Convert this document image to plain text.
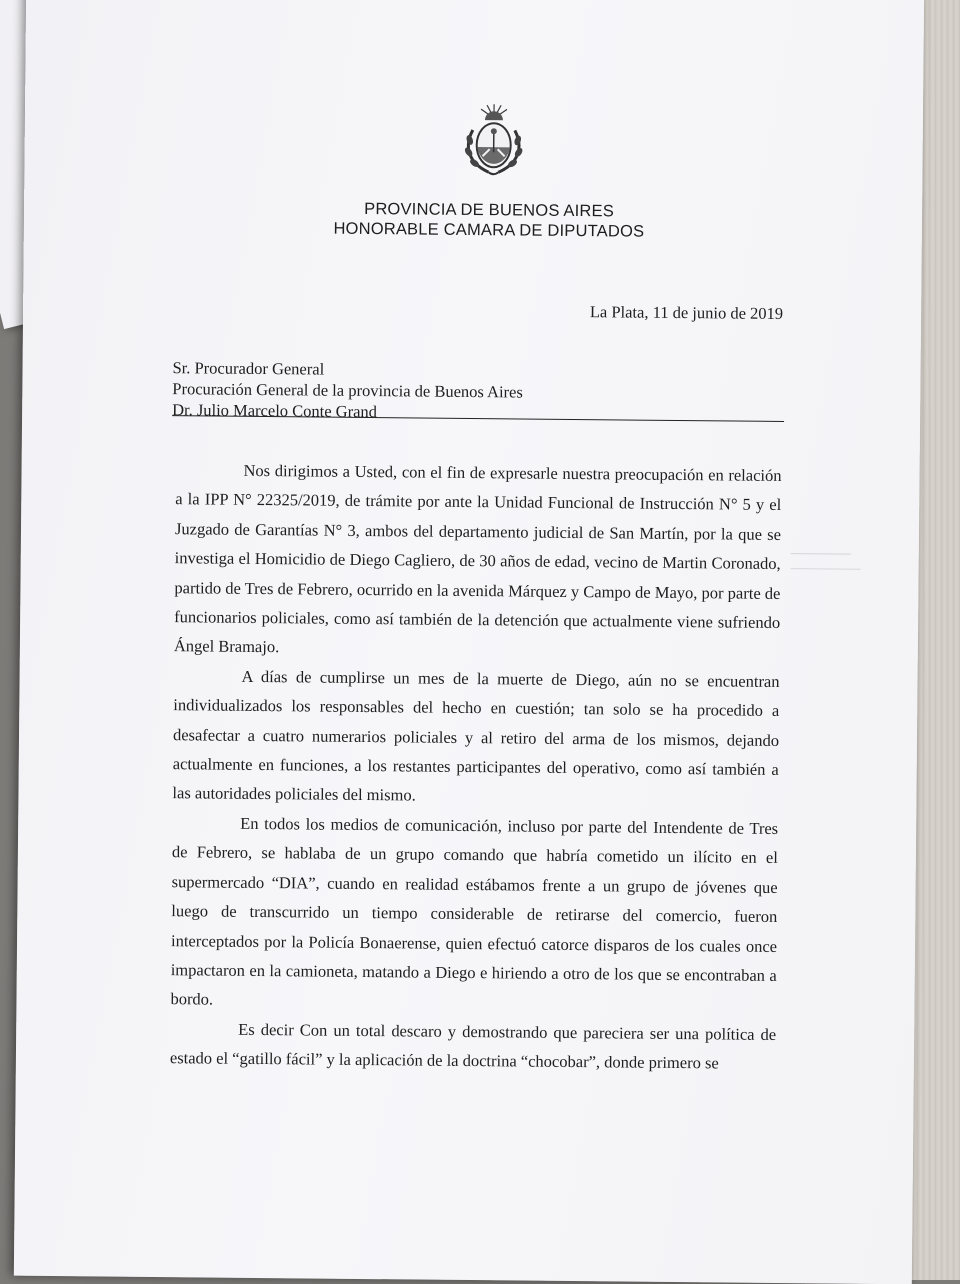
PROVINCIA DE BUENOS AIRES
HONORABLE CAMARA DE DIPUTADOS
La Plata, 11 de junio de 2019
Sr. Procurador General
Procuración General de la provincia de Buenos Aires
Dr. Julio Marcelo Conte Grand

Nos dirigimos a Usted, con el fin de expresarle nuestra preocupación en relación a la IPP N° 22325/2019, de trámite por ante la Unidad Funcional de Instrucción N° 5 y el Juzgado de Garantías N° 3, ambos del departamento judicial de San Martín, por la que se investiga el Homicidio de Diego Cagliero, de 30 años de edad, vecino de Martin Coronado, partido de Tres de Febrero, ocurrido en la avenida Márquez y Campo de Mayo, por parte de funcionarios policiales, como así también de la detención que actualmente viene sufriendo Ángel Bramajo.

A días de cumplirse un mes de la muerte de Diego, aún no se encuentran individualizados los responsables del hecho en cuestión; tan solo se ha procedido a desafectar a cuatro numerarios policiales y al retiro del arma de los mismos, dejando actualmente en funciones, a los restantes participantes del operativo, como así también a las autoridades policiales del mismo.

En todos los medios de comunicación, incluso por parte del Intendente de Tres de Febrero, se hablaba de un grupo comando que habría cometido un ilícito en el supermercado “DIA”, cuando en realidad estábamos frente a un grupo de jóvenes que luego de transcurrido un tiempo considerable de retirarse del comercio, fueron interceptados por la Policía Bonaerense, quien efectuó catorce disparos de los cuales once impactaron en la camioneta, matando a Diego e hiriendo a otro de los que se encontraban a bordo.

Es decir Con un total descaro y demostrando que pareciera ser una política de estado el “gatillo fácil” y la aplicación de la doctrina “chocobar”, donde primero se
